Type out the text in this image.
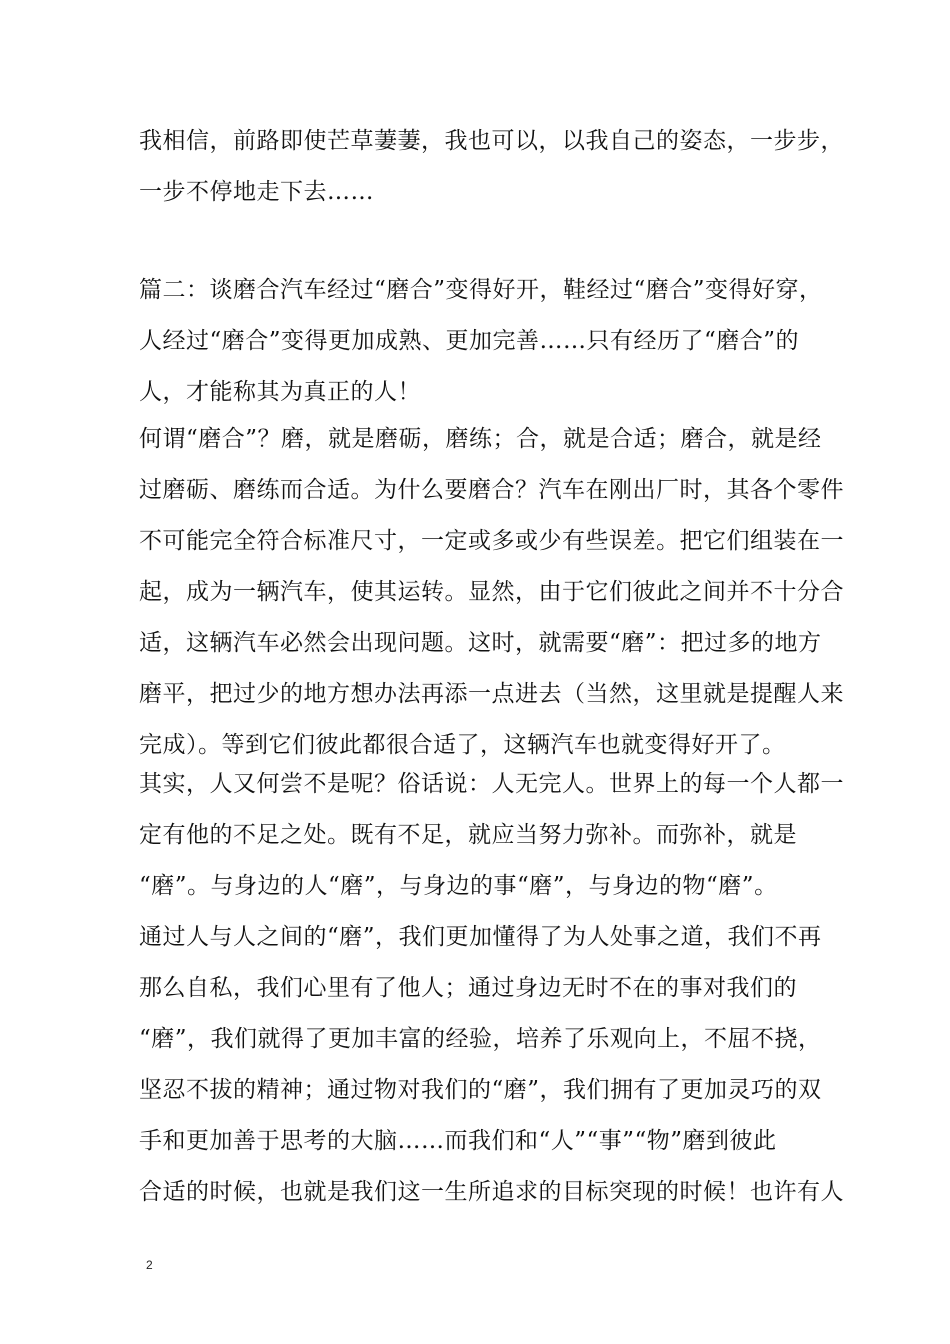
我相信，前路即使芒草萋萋，我也可以，以我自己的姿态，一步步，
一步不停地走下去……
篇二：谈磨合汽车经过“磨合”变得好开，鞋经过“磨合”变得好穿，
人经过“磨合”变得更加成熟、更加完善……只有经历了“磨合”的
人，才能称其为真正的人！
何谓“磨合”？磨，就是磨砺，磨练；合，就是合适；磨合，就是经
过磨砺、磨练而合适。为什么要磨合？汽车在刚出厂时，其各个零件
不可能完全符合标准尺寸，一定或多或少有些误差。把它们组装在一
起，成为一辆汽车，使其运转。显然，由于它们彼此之间并不十分合
适，这辆汽车必然会出现问题。这时，就需要“磨”：把过多的地方
磨平，把过少的地方想办法再添一点进去（当然，这里就是提醒人来
完成）。等到它们彼此都很合适了，这辆汽车也就变得好开了。
其实，人又何尝不是呢？俗话说：人无完人。世界上的每一个人都一
定有他的不足之处。既有不足，就应当努力弥补。而弥补，就是
“磨”。与身边的人“磨”，与身边的事“磨”，与身边的物“磨”。
通过人与人之间的“磨”，我们更加懂得了为人处事之道，我们不再
那么自私，我们心里有了他人；通过身边无时不在的事对我们的
“磨”，我们就得了更加丰富的经验，培养了乐观向上，不屈不挠，
坚忍不拔的精神；通过物对我们的“磨”，我们拥有了更加灵巧的双
手和更加善于思考的大脑……而我们和“人”“事”“物”磨到彼此
合适的时候，也就是我们这一生所追求的目标突现的时候！也许有人
2
